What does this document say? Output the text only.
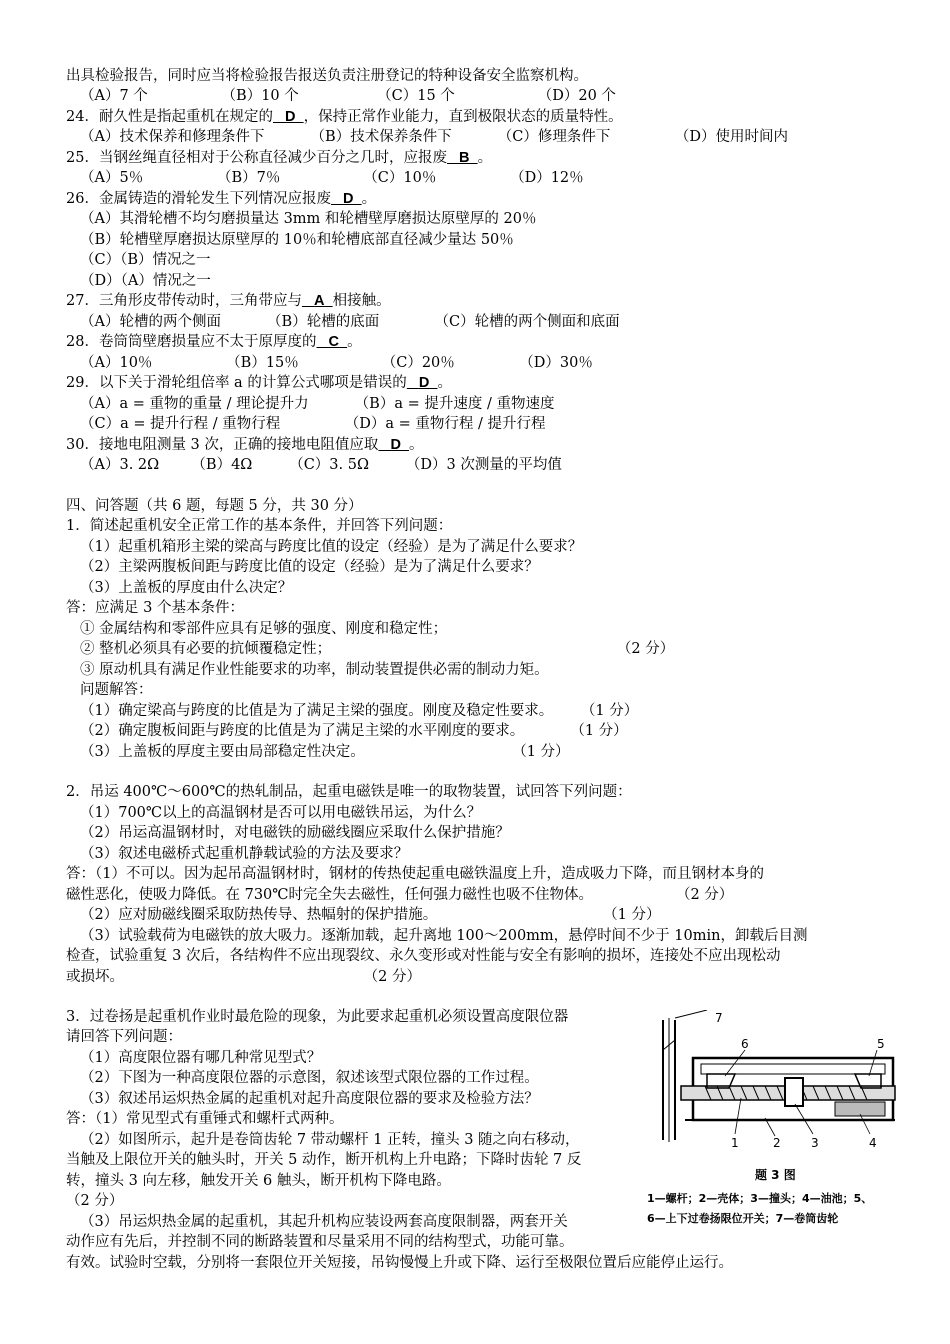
出具检验报告，同时应当将检验报告报送负责注册登记的特种设备安全监察机构。
（A）7 个                （B）10 个                 （C）15 个                  （D）20 个
24．耐久性是指起重机在规定的 D ，保持正常作业能力，直到极限状态的质量特性。
（A）技术保养和修理条件下          （B）技术保养条件下          （C）修理条件下              （D）使用时间内
25．当钢丝绳直径相对于公称直径减少百分之几时，应报废 B 。
（A）5％                （B）7％                  （C）10％                （D）12％
26．金属铸造的滑轮发生下列情况应报废 D 。
（A）其滑轮槽不均匀磨损量达 3mm 和轮槽壁厚磨损达原壁厚的 20％
（B）轮槽壁厚磨损达原壁厚的 10％和轮槽底部直径减少量达 50％
（C）（B）情况之一
（D）（A）情况之一
27．三角形皮带传动时，三角带应与 A 相接触。
（A）轮槽的两个侧面          （B）轮槽的底面            （C）轮槽的两个侧面和底面
28．卷筒筒壁磨损量应不太于原厚度的 C 。
（A）10％                （B）15％                  （C）20％              （D）30％
29．以下关于滑轮组倍率 a 的计算公式哪项是错误的 D 。
（A）a = 重物的重量 / 理论提升力          （B）a = 提升速度 / 重物速度
（C）a = 提升行程 / 重物行程              （D）a = 重物行程 / 提升行程
30．接地电阻测量 3 次，正确的接地电阻值应取 D 。
（A）3. 2Ω       （B）4Ω        （C）3. 5Ω        （D）3 次测量的平均值
四、问答题（共 6 题，每题 5 分，共 30 分）
1．简述起重机安全正常工作的基本条件，并回答下列问题：
（1）起重机箱形主梁的梁高与跨度比值的设定（经验）是为了满足什么要求？
（2）主梁两腹板间距与跨度比值的设定（经验）是为了满足什么要求？
（3）上盖板的厚度由什么决定？
答：应满足 3 个基本条件：
① 金属结构和零部件应具有足够的强度、刚度和稳定性；
② 整机必须具有必要的抗倾覆稳定性；                                                              （2 分）
③ 原动机具有满足作业性能要求的功率，制动装置提供必需的制动力矩。
问题解答：
（1）确定梁高与跨度的比值是为了满足主梁的强度。刚度及稳定性要求。      （1 分）
（2）确定腹板间距与跨度的比值是为了满足主梁的水平刚度的要求。          （1 分）
（3）上盖板的厚度主要由局部稳定性决定。                                （1 分）
2．吊运 400℃～600℃的热轧制品，起重电磁铁是唯一的取物装置，试回答下列问题：
（1）700℃以上的高温钢材是否可以用电磁铁吊运，为什么？
（2）吊运高温钢材时，对电磁铁的励磁线圈应采取什么保护措施？
（3）叙述电磁桥式起重机静载试验的方法及要求？
答：（1）不可以。因为起吊高温钢材时，钢材的传热使起重电磁铁温度上升，造成吸力下降，而且钢材本身的
磁性恶化，使吸力降低。在 730℃时完全失去磁性，任何强力磁性也吸不住物体。                  （2 分）
（2）应对励磁线圈采取防热传导、热幅射的保护措施。                                    （1 分）
（3）试验载荷为电磁铁的放大吸力。逐渐加载，起升离地 100～200mm，悬停时间不少于 10min，卸载后目测
检查，试验重复 3 次后，各结构件不应出现裂纹、永久变形或对性能与安全有影响的损坏，连接处不应出现松动
或损坏。                                                    （2 分）
3．过卷扬是起重机作业时最危险的现象，为此要求起重机必须设置高度限位器
请回答下列问题：
（1）高度限位器有哪几种常见型式？
（2）下图为一种高度限位器的示意图，叙述该型式限位器的工作过程。
（3）叙述吊运炽热金属的起重机对起升高度限位器的要求及检验方法？
答：（1）常见型式有重锤式和螺杆式两种。
（2）如图所示，起升是卷筒齿轮 7 带动螺杆 1 正转，撞头 3 随之向右移动，
当触及上限位开关的触头时，开关 5 动作，断开机构上升电路；下降时齿轮 7 反
转，撞头 3 向左移，触发开关 6 触头，断开机构下降电路。
（2 分）
（3）吊运炽热金属的起重机，其起升机构应装设两套高度限制器，两套开关
动作应有先后，并控制不同的断路装置和尽量采用不同的结构型式，功能可靠。
有效。试验时空载，分别将一套限位开关短接，吊钩慢慢上升或下降、运行至极限位置后应能停止运行。
7
6	5
1	2	3	4
题 3 图
1—螺杆；2—壳体；3—撞头；4—油池；5、
6—上下过卷扬限位开关；7—卷筒齿轮
